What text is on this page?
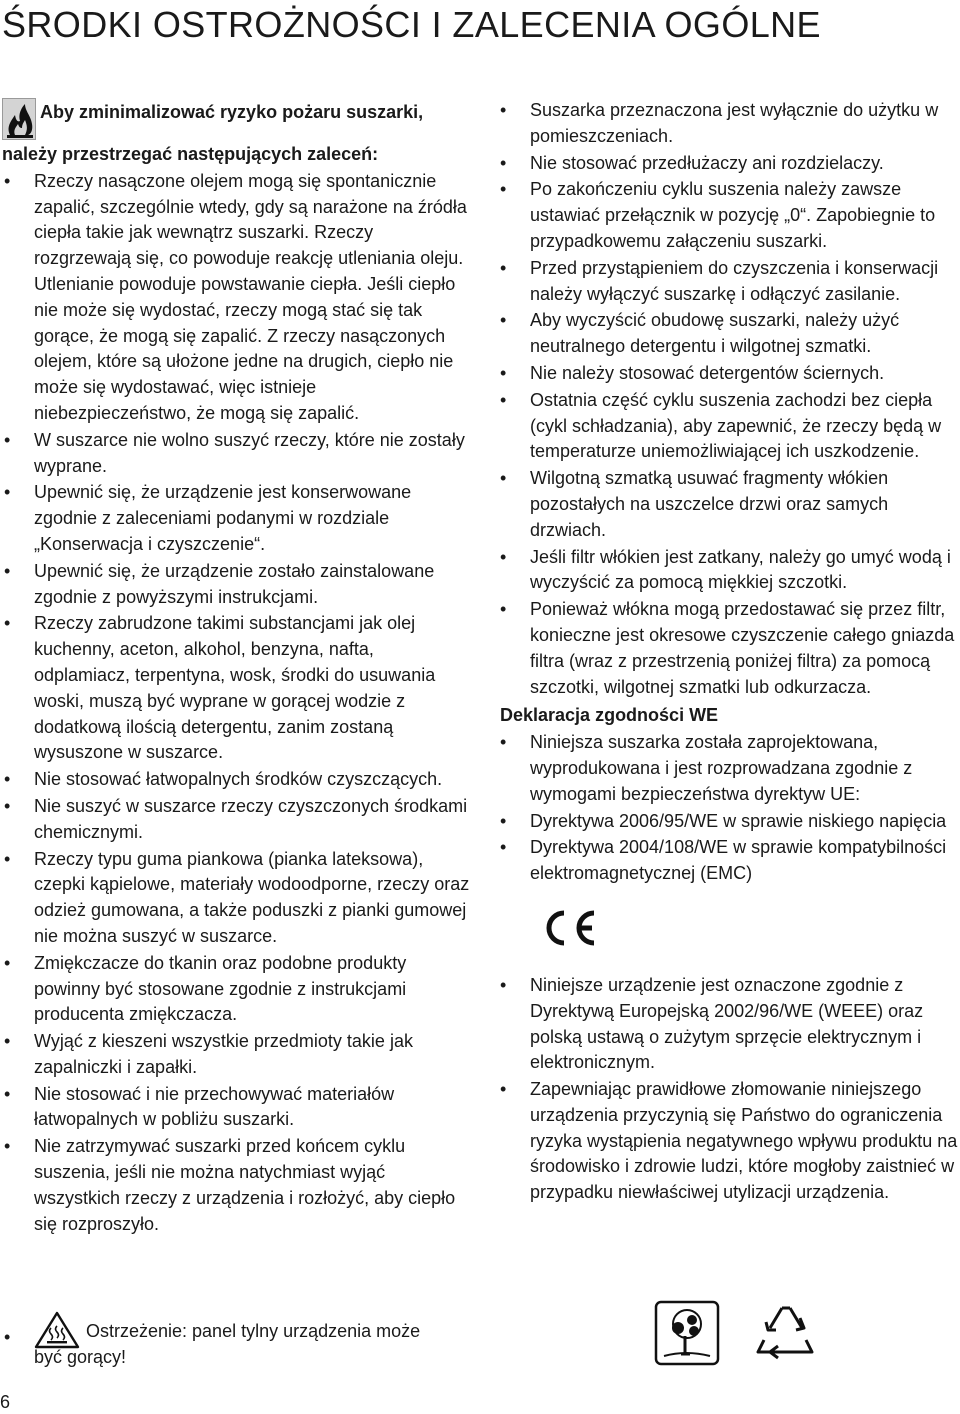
ŚRODKI OSTROŻNOŚCI I ZALECENIA OGÓLNE
Aby zminimalizować ryzyko pożaru suszarki,
należy przestrzegać następujących zaleceń:
• Rzeczy nasączone olejem mogą się spontanicznie zapalić, szczególnie wtedy, gdy są narażone na źródła ciepła takie jak wewnątrz suszarki. Rzeczy rozgrzewają się, co powoduje reakcję utleniania oleju. Utlenianie powoduje powstawanie ciepła. Jeśli ciepło nie może się wydostać, rzeczy mogą stać się tak gorące, że mogą się zapalić. Z rzeczy nasączonych olejem, które są ułożone jedne na drugich, ciepło nie może się wydostawać, więc istnieje niebezpieczeństwo, że mogą się zapalić.
• W suszarce nie wolno suszyć rzeczy, które nie zostały wyprane.
• Upewnić się, że urządzenie jest konserwowane zgodnie z zaleceniami podanymi w rozdziale „Konserwacja i czyszczenie“.
• Upewnić się, że urządzenie zostało zainstalowane zgodnie z powyższymi instrukcjami.
• Rzeczy zabrudzone takimi substancjami jak olej kuchenny, aceton, alkohol, benzyna, nafta, odplamiacz, terpentyna, wosk, środki do usuwania woski, muszą być wyprane w gorącej wodzie z dodatkową ilością detergentu, zanim zostaną wysuszone w suszarce.
• Nie stosować łatwopalnych środków czyszczących.
• Nie suszyć w suszarce rzeczy czyszczonych środkami chemicznymi.
• Rzeczy typu guma piankowa (pianka lateksowa), czepki kąpielowe, materiały wodoodporne, rzeczy oraz odzież gumowana, a także poduszki z pianki gumowej nie można suszyć w suszarce.
• Zmiękczacze do tkanin oraz podobne produkty powinny być stosowane zgodnie z instrukcjami producenta zmiękczacza.
• Wyjąć z kieszeni wszystkie przedmioty takie jak zapalniczki i zapałki.
• Nie stosować i nie przechowywać materiałów łatwopalnych w pobliżu suszarki.
• Nie zatrzymywać suszarki przed końcem cyklu suszenia, jeśli nie można natychmiast wyjąć wszystkich rzeczy z urządzenia i rozłożyć, aby ciepło się rozproszyło.
•	Ostrzeżenie: panel tylny urządzenia może
być gorący!
• Suszarka przeznaczona jest wyłącznie do użytku w pomieszczeniach.
• Nie stosować przedłużaczy ani rozdzielaczy.
• Po zakończeniu cyklu suszenia należy zawsze ustawiać przełącznik w pozycję „0“. Zapobiegnie to przypadkowemu załączeniu suszarki.
• Przed przystąpieniem do czyszczenia i konserwacji należy wyłączyć suszarkę i odłączyć zasilanie.
• Aby wyczyścić obudowę suszarki, należy użyć neutralnego detergentu i wilgotnej szmatki.
• Nie należy stosować detergentów ściernych.
• Ostatnia część cyklu suszenia zachodzi bez ciepła (cykl schładzania), aby zapewnić, że rzeczy będą w temperaturze uniemożliwiającej ich uszkodzenie.
• Wilgotną szmatką usuwać fragmenty włókien pozostałych na uszczelce drzwi oraz samych drzwiach.
• Jeśli filtr włókien jest zatkany, należy go umyć wodą i wyczyścić za pomocą miękkiej szczotki.
• Ponieważ włókna mogą przedostawać się przez filtr, konieczne jest okresowe czyszczenie całego gniazda filtra (wraz z przestrzenią poniżej filtra) za pomocą szczotki, wilgotnej szmatki lub odkurzacza.
Deklaracja zgodności WE
• Niniejsza suszarka została zaprojektowana, wyprodukowana i jest rozprowadzana zgodnie z wymogami bezpieczeństwa dyrektyw UE:
• Dyrektywa 2006/95/WE w sprawie niskiego napięcia
• Dyrektywa 2004/108/WE w sprawie kompatybilności elektromagnetycznej (EMC)
• Niniejsze urządzenie jest oznaczone zgodnie z Dyrektywą Europejską 2002/96/WE (WEEE) oraz polską ustawą o zużytym sprzęcie elektrycznym i elektronicznym.
• Zapewniając prawidłowe złomowanie niniejszego urządzenia przyczynią się Państwo do ograniczenia ryzyka wystąpienia negatywnego wpływu produktu na środowisko i zdrowie ludzi, które mogłoby zaistnieć w przypadku niewłaściwej utylizacji urządzenia.
6
